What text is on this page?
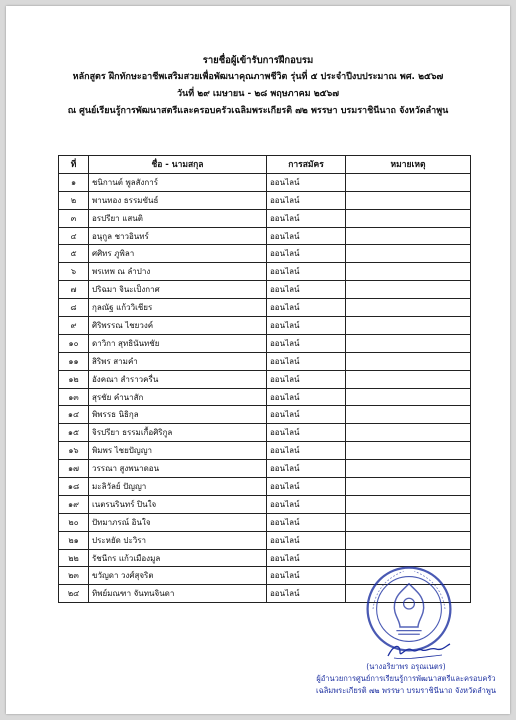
รายชื่อผู้เข้ารับการฝึกอบรม
หลักสูตร ฝึกทักษะอาชีพเสริมสวยเพื่อพัฒนาคุณภาพชีวิต รุ่นที่ ๕ ประจำปีงบประมาณ พศ. ๒๕๖๗
วันที่ ๒๙ เมษายน - ๒๘ พฤษภาคม ๒๕๖๗
ณ ศูนย์เรียนรู้การพัฒนาสตรีและครอบครัวเฉลิมพระเกียรติ ๗๒ พรรษา บรมราชินีนาถ จังหวัดลำพูน
ที่	ชื่อ - นามสกุล	การสมัคร	หมายเหตุ
๑	ชนิกานต์ พูลสังการ์	ออนไลน์	
๒	พานทอง ธรรมขันธ์	ออนไลน์	
๓	อรปรียา แสนติ	ออนไลน์	
๔	อนุกูล ชาวอินทร์	ออนไลน์	
๕	ศศิทร ภูพิลา	ออนไลน์	
๖	พรเทพ ณ ลำปาง	ออนไลน์	
๗	ปริฉมา จินะเป็งกาศ	ออนไลน์	
๘	กุลณัฐ แก้ววิเชียร	ออนไลน์	
๙	ศิริพรรณ ไชยวงค์	ออนไลน์	
๑๐	ดาวิกา สุทธินันทชัย	ออนไลน์	
๑๑	สิริพร สามคำ	ออนไลน์	
๑๒	อังคณา สำราวครื่น	ออนไลน์	
๑๓	สุรชัย คำนาสัก	ออนไลน์	
๑๔	พิพรรธ นิธิกุล	ออนไลน์	
๑๕	จิรปรียา ธรรมเกื้อศิริกูล	ออนไลน์	
๑๖	พิมพร ไชยปัญญา	ออนไลน์	
๑๗	วรรณา สูงพนาดอน	ออนไลน์	
๑๘	มะลิวัลย์ ปัญญา	ออนไลน์	
๑๙	เนตรนรินทร์ ปินใจ	ออนไลน์	
๒๐	ปัทมาภรณ์ อินใจ	ออนไลน์	
๒๑	ประหยัด ปะวิรา	ออนไลน์	
๒๒	รัชนีกร แก้วเมืองมูล	ออนไลน์	
๒๓	ขวัญดา วงศ์สุจริต	ออนไลน์	
๒๔	ทิพย์มณฑา จันทนจินดา	ออนไลน์	
(นางอริยาพร อรุณเนตร)
ผู้อำนวยการศูนย์การเรียนรู้การพัฒนาสตรีและครอบครัว
เฉลิมพระเกียรติ ๗๒ พรรษา บรมราชินีนาถ จังหวัดลำพูน
